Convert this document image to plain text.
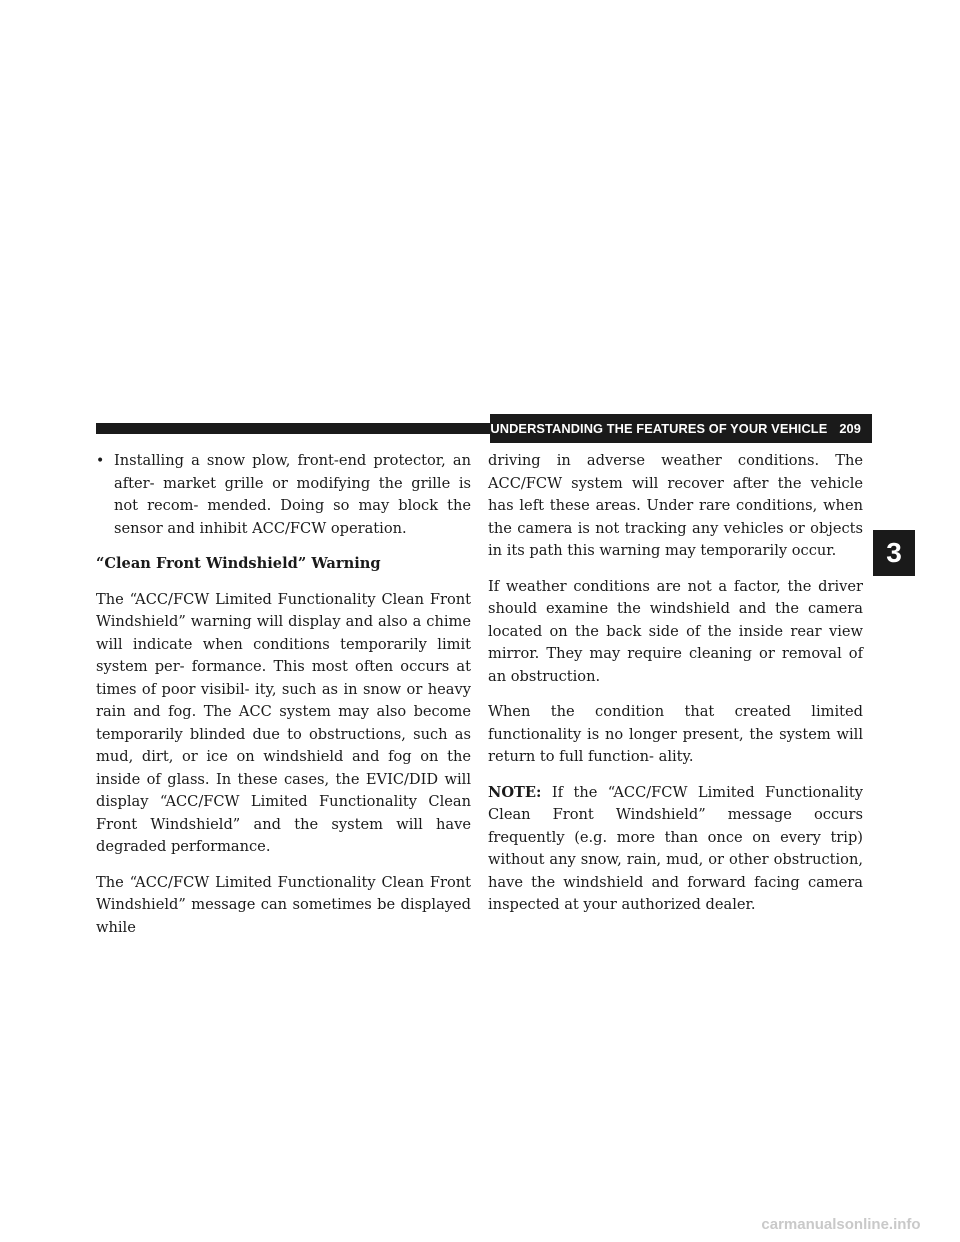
UNDERSTANDING THE FEATURES OF YOUR VEHICLE 209
3
• Installing a snow plow, front-end protector, an after- market grille or modifying the grille is not recom- mended. Doing so may block the sensor and inhibit ACC/FCW operation.

“Clean Front Windshield” Warning

The “ACC/FCW Limited Functionality Clean Front Windshield” warning will display and also a chime will indicate when conditions temporarily limit system per- formance. This most often occurs at times of poor visibil- ity, such as in snow or heavy rain and fog. The ACC system may also become temporarily blinded due to obstructions, such as mud, dirt, or ice on windshield and fog on the inside of glass. In these cases, the EVIC/DID will display “ACC/FCW Limited Functionality Clean Front Windshield” and the system will have degraded performance.

The “ACC/FCW Limited Functionality Clean Front Windshield” message can sometimes be displayed while

driving in adverse weather conditions. The ACC/FCW system will recover after the vehicle has left these areas. Under rare conditions, when the camera is not tracking any vehicles or objects in its path this warning may temporarily occur.

If weather conditions are not a factor, the driver should examine the windshield and the camera located on the back side of the inside rear view mirror. They may require cleaning or removal of an obstruction.

When the condition that created limited functionality is no longer present, the system will return to full function- ality.

NOTE: If the “ACC/FCW Limited Functionality Clean Front Windshield” message occurs frequently (e.g. more than once on every trip) without any snow, rain, mud, or other obstruction, have the windshield and forward facing camera inspected at your authorized dealer.

carmanualsonline.info
